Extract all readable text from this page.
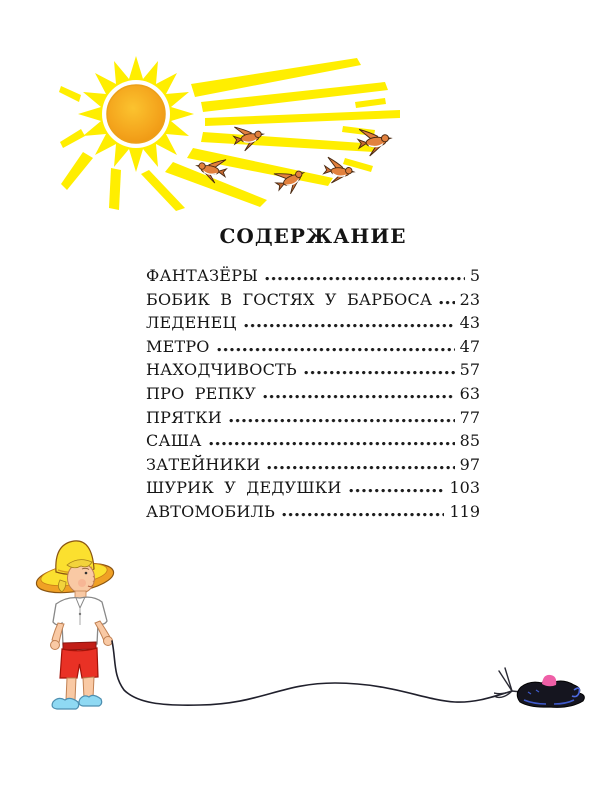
СОДЕРЖАНИЕ
ФАНТАЗЁРЫ	5
БОБИК В ГОСТЯХ У БАРБОСА 23
ЛЕДЕНЕЦ	43
МЕТРО	47
НАХОДЧИВОСТЬ	57
ПРО РЕПКУ	63
ПРЯТКИ	77
САША	85
ЗАТЕЙНИКИ	97
ШУРИК У ДЕДУШКИ	103
АВТОМОБИЛЬ	119
